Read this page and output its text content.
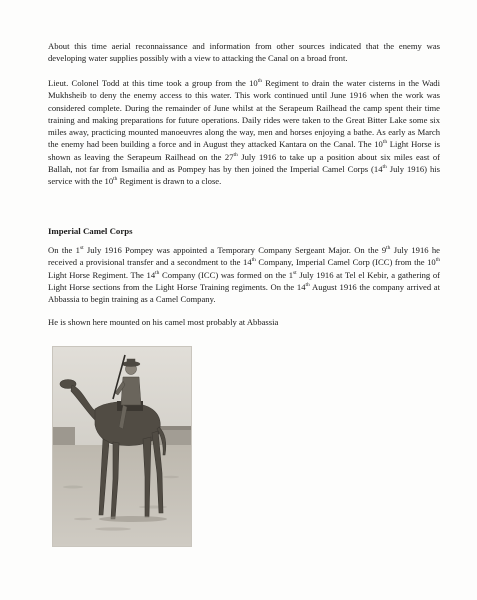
About this time aerial reconnaissance and information from other sources indicated that the enemy was developing water supplies possibly with a view to attacking the Canal on a broad front.

Lieut. Colonel Todd at this time took a group from the 10th Regiment to drain the water cisterns in the Wadi Mukhsheib to deny the enemy access to this water. This work continued until June 1916 when the work was considered complete. During the remainder of June whilst at the Serapeum Railhead the camp spent their time training and making preparations for future operations. Daily rides were taken to the Great Bitter Lake some six miles away, practicing mounted manoeuvres along the way, men and horses enjoying a bathe. As early as March the enemy had been building a force and in August they attacked Kantara on the Canal. The 10th Light Horse is shown as leaving the Serapeum Railhead on the 27th July 1916 to take up a position about six miles east of Ballah, not far from Ismailia and as Pompey has by then joined the Imperial Camel Corps (14th July 1916) his service with the 10th Regiment is drawn to a close.

Imperial Camel Corps

On the 1st July 1916 Pompey was appointed a Temporary Company Sergeant Major. On the 9th July 1916 he received a provisional transfer and a secondment to the 14th Company, Imperial Camel Corp (ICC) from the 10th Light Horse Regiment. The 14th Company (ICC) was formed on the 1st July 1916 at Tel el Kebir, a gathering of Light Horse sections from the Light Horse Training regiments. On the 14th August 1916 the company arrived at Abbassia to begin training as a Camel Company.

He is shown here mounted on his camel most probably at Abbassia
